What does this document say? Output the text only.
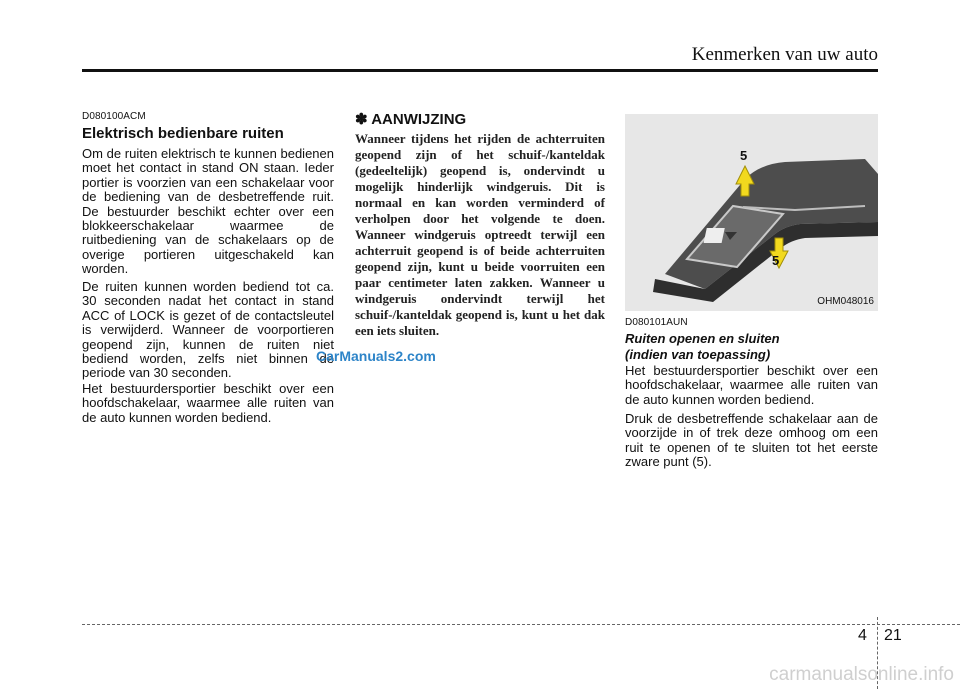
Kenmerken van uw auto
D080100ACM
Elektrisch bedienbare ruiten
Om de ruiten elektrisch te kunnen bedienen moet het contact in stand ON staan. Ieder portier is voorzien van een schakelaar voor de bediening van de desbetreffende ruit. De bestuurder beschikt echter over een blokkeerschakelaar waarmee de ruitbediening van de schakelaars op de overige portieren uitgeschakeld kan worden.
De ruiten kunnen worden bediend tot ca. 30 seconden nadat het contact in stand ACC of LOCK is gezet of de contactsleutel is verwijderd. Wanneer de voorportieren geopend zijn, kunnen de ruiten niet bediend worden, zelfs niet binnen de periode van 30 seconden.
Het bestuurdersportier beschikt over een hoofdschakelaar, waarmee alle ruiten van de auto kunnen worden bediend.
CarManuals2.com
✽ AANWIJZING
Wanneer tijdens het rijden de achterruiten geopend zijn of het schuif-/kanteldak (gedeeltelijk) geopend is, ondervindt u mogelijk hinderlijk windgeruis. Dit is normaal en kan worden verminderd of verholpen door het volgende te doen. Wanneer windgeruis optreedt terwijl een achterruit geopend is of beide achterruiten geopend zijn, kunt u beide voorruiten een paar centimeter laten zakken. Wanneer u windgeruis ondervindt terwijl het schuif-/kanteldak geopend is, kunt u het dak een iets sluiten.
5
5
OHM048016
D080101AUN
Ruiten openen en sluiten
(indien van toepassing)
Het bestuurdersportier beschikt over een hoofdschakelaar, waarmee alle ruiten van de auto kunnen worden bediend.
Druk de desbetreffende schakelaar aan de voorzijde in of trek deze omhoog om een ruit te openen of te sluiten tot het eerste zware punt (5).
4 21
carmanualsonline.info
